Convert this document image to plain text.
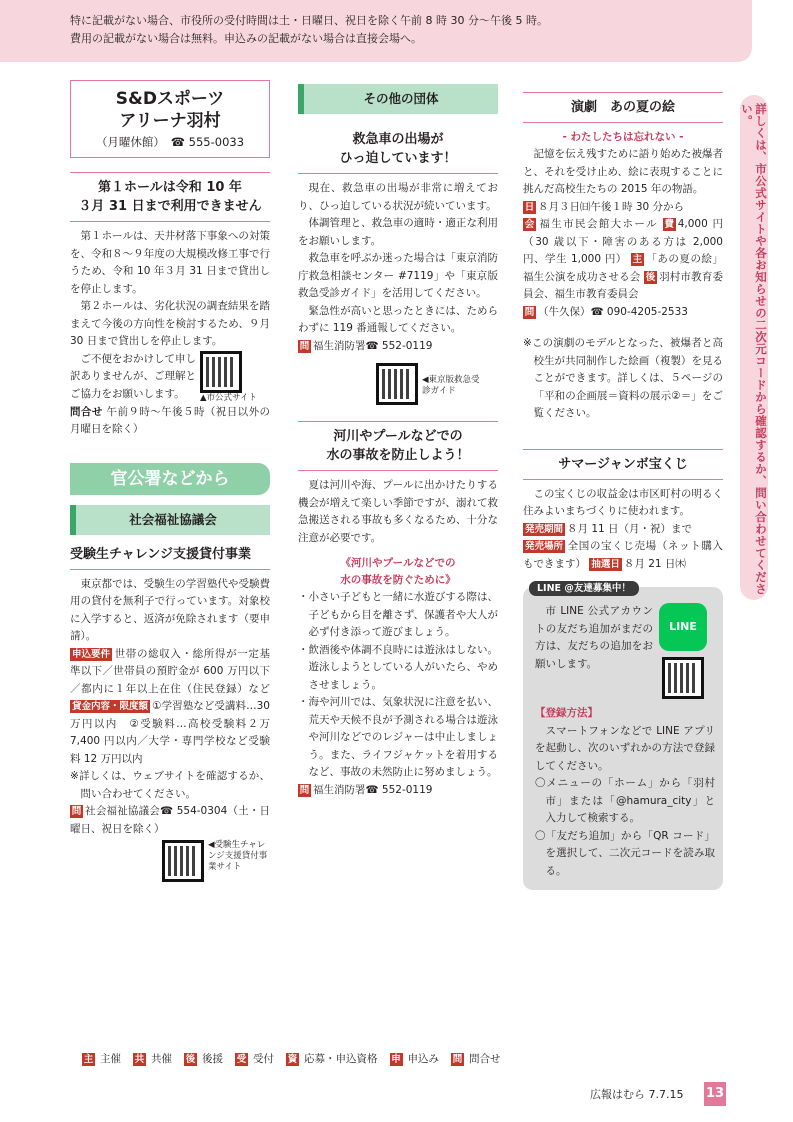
特に記載がない場合、市役所の受付時間は土・日曜日、祝日を除く午前 8 時 30 分〜午後 5 時。
費用の記載がない場合は無料。申込みの記載がない場合は直接会場へ。
詳しくは、市公式サイトや各お知らせの二次元コードから確認するか、問い合わせてください。
S&Dスポーツ
アリーナ羽村
（月曜休館）　☎ 555-0033
第１ホールは令和 10 年
３月 31 日まで利用できません
第１ホールは、天井材落下事象への対策を、令和８〜９年度の大規模改修工事で行うため、令和 10 年３月 31 日まで貸出しを停止します。
第２ホールは、劣化状況の調査結果を踏まえて今後の方向性を検討するため、９月 30 日まで貸出しを停止します。
ご不便をおかけして申し訳ありませんが、ご理解とご協力をお願いします。	▲市公式サイト
問合せ 午前９時〜午後５時（祝日以外の月曜日を除く）
官公署などから
社会福祉協議会
受験生チャレンジ支援貸付事業
東京都では、受験生の学習塾代や受験費用の貸付を無利子で行っています。対象校に入学すると、返済が免除されます（要申請）。
申込要件 世帯の総収入・総所得が一定基準以下／世帯員の預貯金が 600 万円以下／都内に１年以上在住（住民登録）など 貸金内容・限度額 ①学習塾など受講料…30 万円以内　②受験料…高校受験料２万 7,400 円以内／大学・専門学校など受験料 12 万円以内
※詳しくは、ウェブサイトを確認するか、問い合わせてください。
問 社会福祉協議会☎ 554-0304（土・日曜日、祝日を除く）
◀受験生チャレンジ支援貸付事業サイト
その他の団体
救急車の出場が
ひっ迫しています！
現在、救急車の出場が非常に増えており、ひっ迫している状況が続いています。
体調管理と、救急車の適時・適正な利用をお願いします。
救急車を呼ぶか迷った場合は「東京消防庁救急相談センター #7119」や「東京版救急受診ガイド」を活用してください。
緊急性が高いと思ったときには、ためらわずに 119 番通報してください。
問 福生消防署☎ 552-0119
◀東京版救急受診ガイド
河川やプールなどでの
水の事故を防止しよう！
夏は河川や海、プールに出かけたりする機会が増えて楽しい季節ですが、溺れて救急搬送される事故も多くなるため、十分な注意が必要です。
《河川やプールなどでの
水の事故を防ぐために》
・小さい子どもと一緒に水遊びする際は、子どもから目を離さず、保護者や大人が必ず付き添って遊びましょう。
・飲酒後や体調不良時には遊泳はしない。遊泳しようとしている人がいたら、やめさせましょう。
・海や河川では、気象状況に注意を払い、荒天や天候不良が予測される場合は遊泳や河川などでのレジャーは中止しましょう。また、ライフジャケットを着用するなど、事故の未然防止に努めましょう。
問 福生消防署☎ 552-0119
演劇　あの夏の絵
- わたしたちは忘れない -
記憶を伝え残すために語り始めた被爆者と、それを受け止め、絵に表現することに挑んだ高校生たちの 2015 年の物語。
日 ８月３日㈰午後１時 30 分から
会 福生市民会館大ホール 費 4,000 円（30 歳以下・障害のある方は 2,000 円、学生 1,000 円） 主 「あの夏の絵」福生公演を成功させる会 後 羽村市教育委員会、福生市教育委員会
問 （牛久保）☎ 090-4205-2533
※この演劇のモデルとなった、被爆者と高校生が共同制作した絵画（複製）を見ることができます。詳しくは、５ページの「平和の企画展＝資料の展示②＝」をご覧ください。
サマージャンボ宝くじ
この宝くじの収益金は市区町村の明るく住みよいまちづくりに使われます。
発売期間 ８月 11 日（月・祝）まで
発売場所 全国の宝くじ売場（ネット購入もできます） 抽選日 ８月 21 日㈭
LINE @友達募集中！
市 LINE 公式アカウントの友だち追加がまだの方は、友だちの追加をお願いします。
LINE
【登録方法】
スマートフォンなどで LINE アプリを起動し、次のいずれかの方法で登録してください。
〇メニューの「ホーム」から「羽村市」または「@hamura_city」と入力して検索する。
〇「友だち追加」から「QR コード」を選択して、二次元コードを読み取る。
主 主催 共 共催 後 後援 受 受付 資 応募・申込資格 申 申込み 問 問合せ
広報はむら 7.7.15 13
